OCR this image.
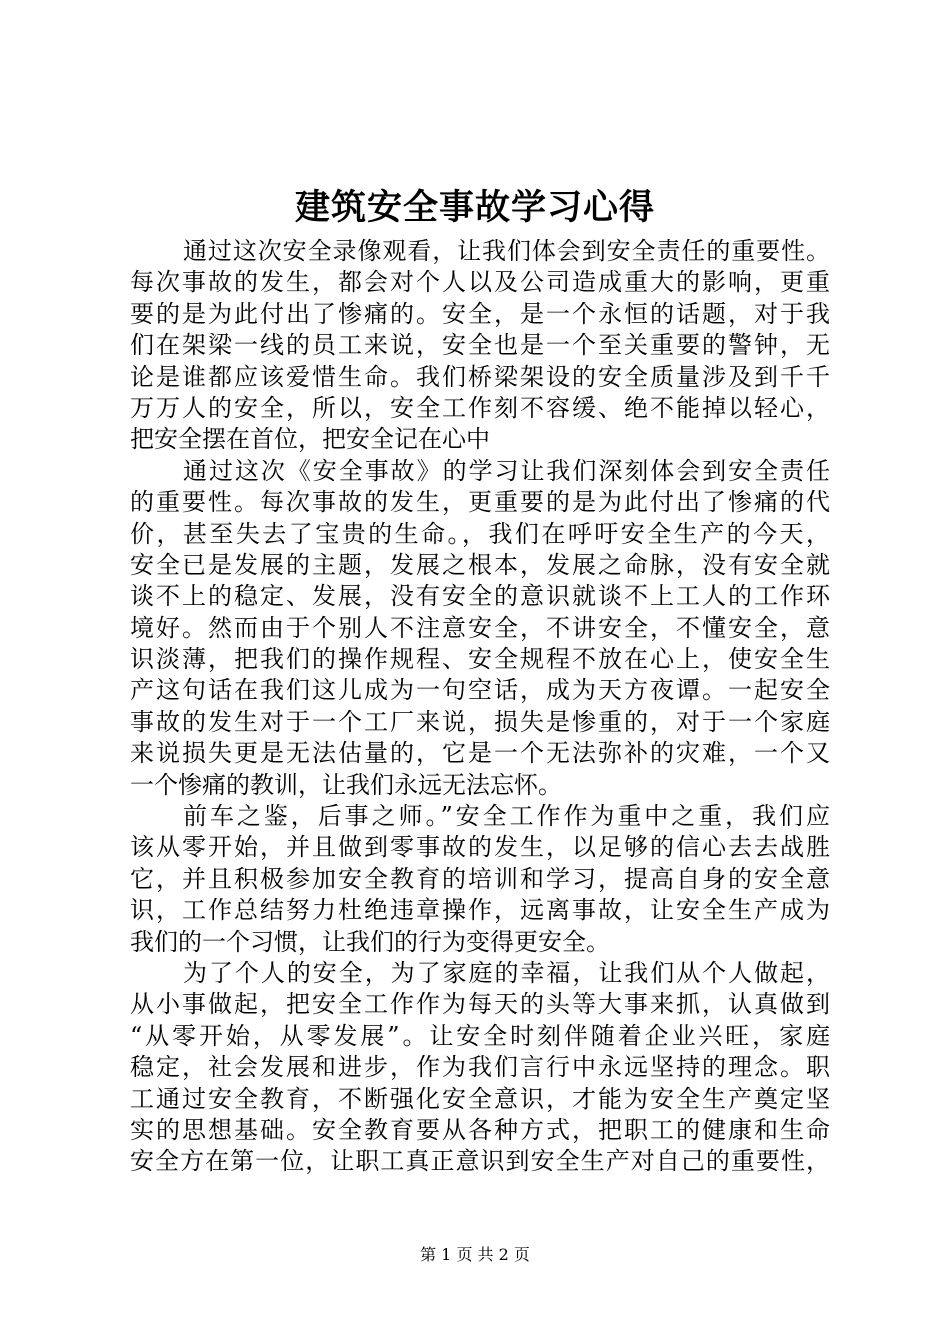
建筑安全事故学习心得
通过这次安全录像观看，让我们体会到安全责任的重要性。
每次事故的发生，都会对个人以及公司造成重大的影响，更重
要的是为此付出了惨痛的。安全，是一个永恒的话题，对于我
们在架梁一线的员工来说，安全也是一个至关重要的警钟，无
论是谁都应该爱惜生命。我们桥梁架设的安全质量涉及到千千
万万人的安全，所以，安全工作刻不容缓、绝不能掉以轻心，
把安全摆在首位，把安全记在心中
通过这次《安全事故》的学习让我们深刻体会到安全责任
的重要性。每次事故的发生，更重要的是为此付出了惨痛的代
价，甚至失去了宝贵的生命。，我们在呼吁安全生产的今天，
安全已是发展的主题，发展之根本，发展之命脉，没有安全就
谈不上的稳定、发展，没有安全的意识就谈不上工人的工作环
境好。然而由于个别人不注意安全，不讲安全，不懂安全，意
识淡薄，把我们的操作规程、安全规程不放在心上，使安全生
产这句话在我们这儿成为一句空话，成为天方夜谭。一起安全
事故的发生对于一个工厂来说，损失是惨重的，对于一个家庭
来说损失更是无法估量的，它是一个无法弥补的灾难，一个又
一个惨痛的教训，让我们永远无法忘怀。
前车之鉴，后事之师。”安全工作作为重中之重，我们应
该从零开始，并且做到零事故的发生，以足够的信心去去战胜
它，并且积极参加安全教育的培训和学习，提高自身的安全意
识，工作总结努力杜绝违章操作，远离事故，让安全生产成为
我们的一个习惯，让我们的行为变得更安全。
为了个人的安全，为了家庭的幸福，让我们从个人做起，
从小事做起，把安全工作作为每天的头等大事来抓，认真做到
“从零开始，从零发展”。让安全时刻伴随着企业兴旺，家庭
稳定，社会发展和进步，作为我们言行中永远坚持的理念。职
工通过安全教育，不断强化安全意识，才能为安全生产奠定坚
实的思想基础。安全教育要从各种方式，把职工的健康和生命
安全方在第一位，让职工真正意识到安全生产对自己的重要性，
第 1 页 共 2 页
